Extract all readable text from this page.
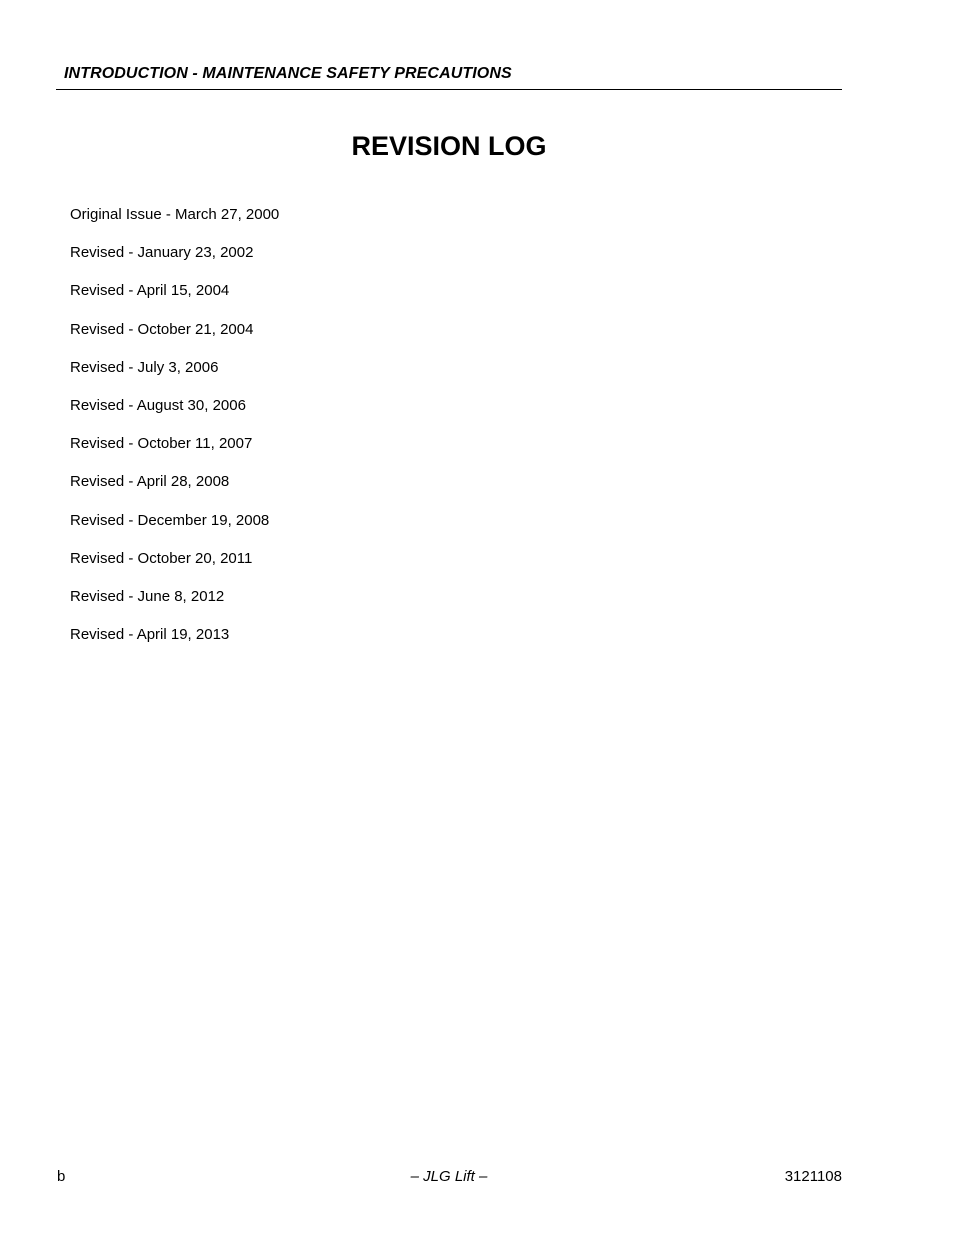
INTRODUCTION - MAINTENANCE SAFETY PRECAUTIONS
REVISION LOG
Original Issue - March 27, 2000
Revised - January 23, 2002
Revised - April 15, 2004
Revised - October 21, 2004
Revised - July 3, 2006
Revised - August 30, 2006
Revised - October 11, 2007
Revised - April 28, 2008
Revised - December 19, 2008
Revised - October 20, 2011
Revised - June 8, 2012
Revised - April 19, 2013
b	– JLG Lift –	3121108
